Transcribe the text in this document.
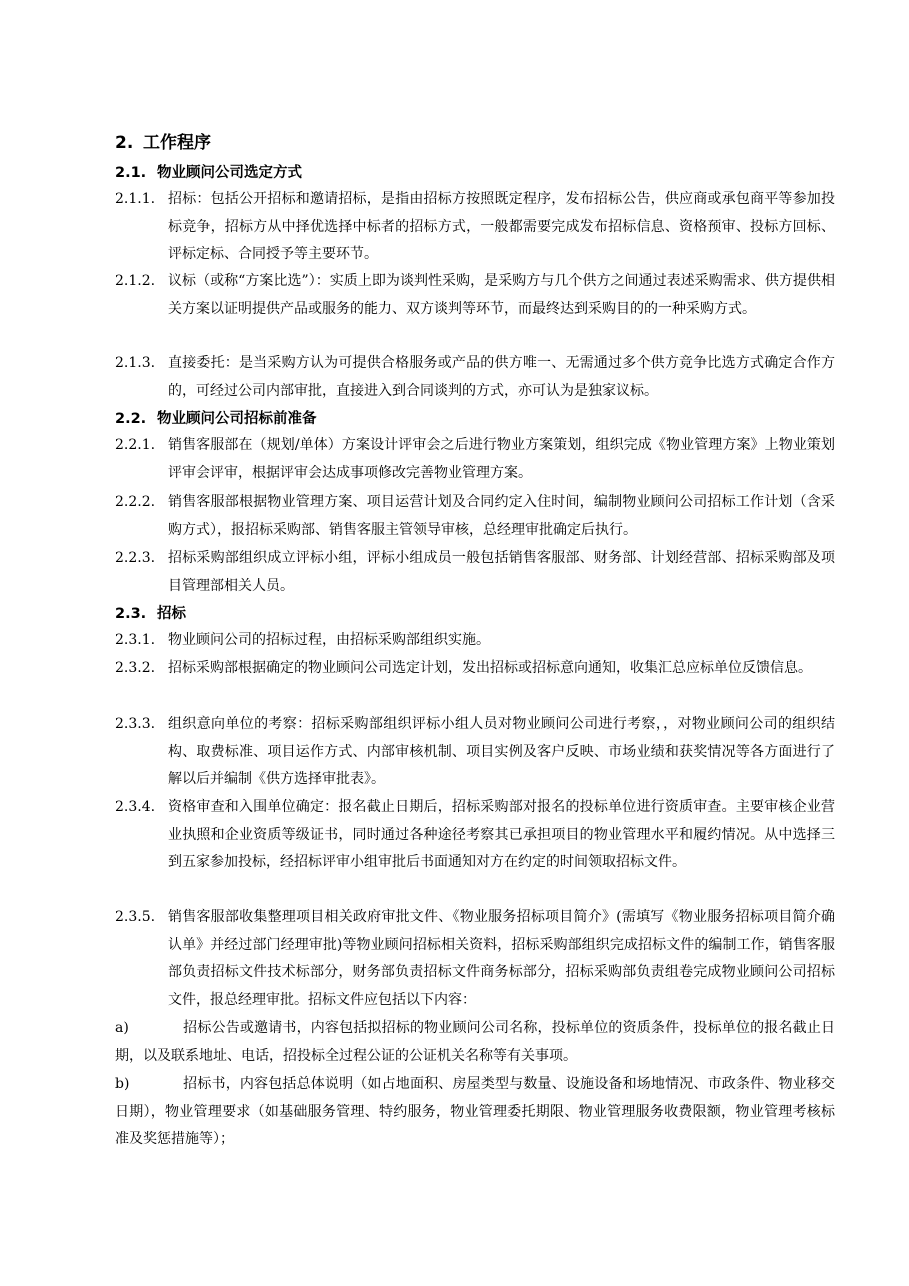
2. 工作程序
2.1. 物业顾问公司选定方式
2.1.1. 招标：包括公开招标和邀请招标，是指由招标方按照既定程序，发布招标公告，供应商或承包商平等参加投标竞争，招标方从中择优选择中标者的招标方式，一般都需要完成发布招标信息、资格预审、投标方回标、评标定标、合同授予等主要环节。
2.1.2. 议标（或称“方案比选”）：实质上即为谈判性采购，是采购方与几个供方之间通过表述采购需求、供方提供相关方案以证明提供产品或服务的能力、双方谈判等环节，而最终达到采购目的的一种采购方式。
2.1.3. 直接委托：是当采购方认为可提供合格服务或产品的供方唯一、无需通过多个供方竞争比选方式确定合作方的，可经过公司内部审批，直接进入到合同谈判的方式，亦可认为是独家议标。
2.2. 物业顾问公司招标前准备
2.2.1. 销售客服部在（规划/单体）方案设计评审会之后进行物业方案策划，组织完成《物业管理方案》上物业策划评审会评审，根据评审会达成事项修改完善物业管理方案。
2.2.2. 销售客服部根据物业管理方案、项目运营计划及合同约定入住时间，编制物业顾问公司招标工作计划（含采购方式），报招标采购部、销售客服主管领导审核，总经理审批确定后执行。
2.2.3. 招标采购部组织成立评标小组，评标小组成员一般包括销售客服部、财务部、计划经营部、招标采购部及项目管理部相关人员。
2.3. 招标
2.3.1. 物业顾问公司的招标过程，由招标采购部组织实施。
2.3.2. 招标采购部根据确定的物业顾问公司选定计划，发出招标或招标意向通知，收集汇总应标单位反馈信息。
2.3.3. 组织意向单位的考察：招标采购部组织评标小组人员对物业顾问公司进行考察，，对物业顾问公司的组织结构、取费标准、项目运作方式、内部审核机制、项目实例及客户反映、市场业绩和获奖情况等各方面进行了解以后并编制《供方选择审批表》。
2.3.4. 资格审查和入围单位确定：报名截止日期后，招标采购部对报名的投标单位进行资质审查。主要审核企业营业执照和企业资质等级证书，同时通过各种途径考察其已承担项目的物业管理水平和履约情况。从中选择三到五家参加投标，经招标评审小组审批后书面通知对方在约定的时间领取招标文件。
2.3.5. 销售客服部收集整理项目相关政府审批文件、《物业服务招标项目简介》(需填写《物业服务招标项目简介确认单》并经过部门经理审批)等物业顾问招标相关资料，招标采购部组织完成招标文件的编制工作，销售客服部负责招标文件技术标部分，财务部负责招标文件商务标部分，招标采购部负责组卷完成物业顾问公司招标文件，报总经理审批。招标文件应包括以下内容：
a)	招标公告或邀请书，内容包括拟招标的物业顾问公司名称，投标单位的资质条件，投标单位的报名截止日期，以及联系地址、电话，招投标全过程公证的公证机关名称等有关事项。
b)	招标书，内容包括总体说明（如占地面积、房屋类型与数量、设施设备和场地情况、市政条件、物业移交日期），物业管理要求（如基础服务管理、特约服务，物业管理委托期限、物业管理服务收费限额，物业管理考核标准及奖惩措施等）；
